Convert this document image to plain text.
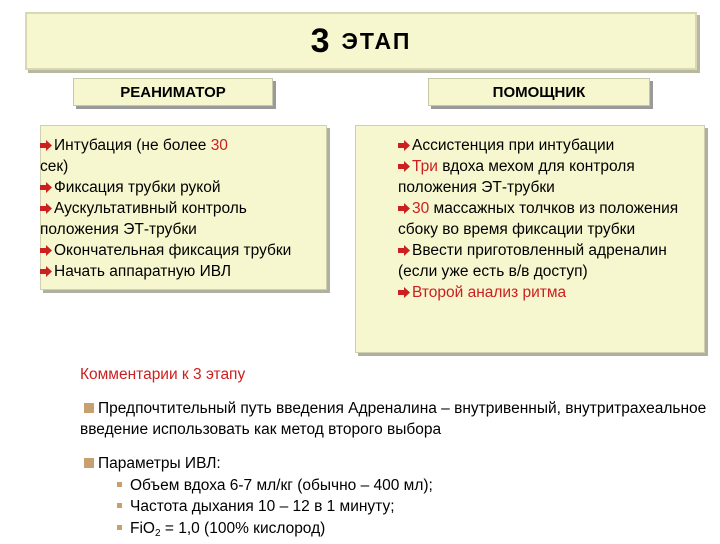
3 ЭТАП
РЕАНИМАТОР	ПОМОЩНИК
Интубация (не более 30
сек)
Фиксация трубки рукой
Аускультативный контроль положения ЭТ-трубки
Окончательная фиксация трубки
Начать аппаратную ИВЛ
Ассистенция при интубации
Три вдоха мехом для контроля положения ЭТ-трубки
30 массажных толчков из положения сбоку во время фиксации трубки
Ввести приготовленный адреналин (если уже есть в/в доступ)
Второй анализ ритма
Комментарии к 3 этапу
Предпочтительный путь введения Адреналина – внутривенный, внутритрахеальное введение использовать как метод второго выбора
Параметры ИВЛ:
Объем вдоха 6-7 мл/кг (обычно – 400 мл);
Частота дыхания 10 – 12 в 1 минуту;
FiO$_2$ = 1,0 (100% кислород)
